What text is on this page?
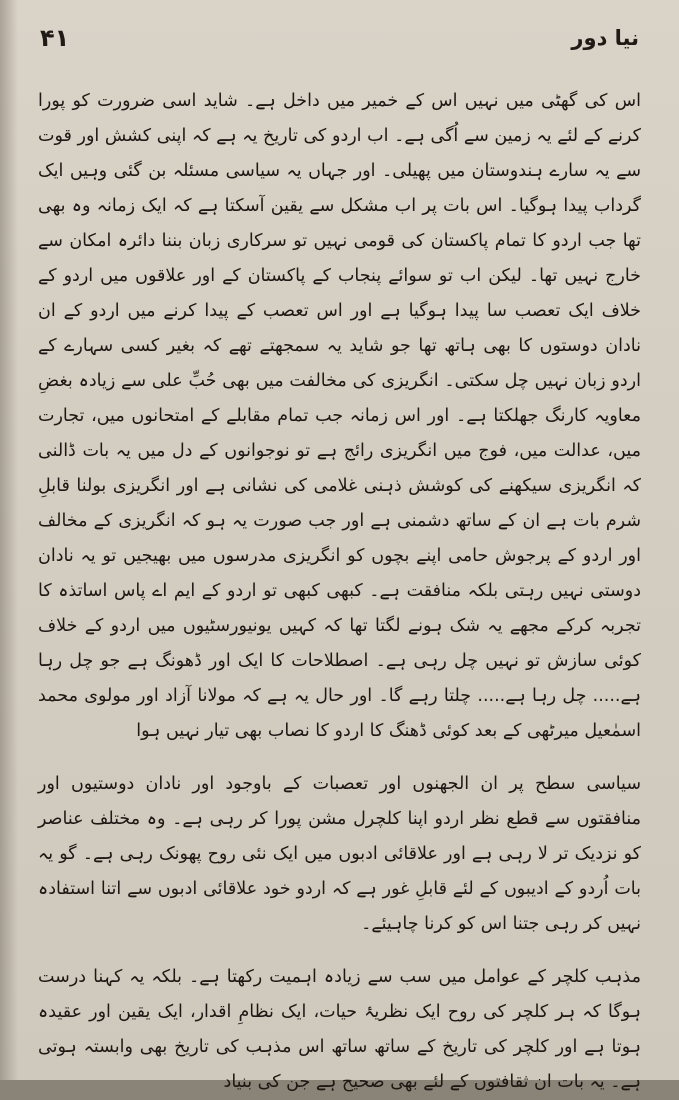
۴۱	نیا دور

اس کی گھٹی میں نہیں اس کے خمیر میں داخل ہے۔ شاید اسی ضرورت کو پورا کرنے کے لئے یہ زمین سے اُگی ہے۔ اب اردو کی تاریخ یہ ہے کہ اپنی کشش اور قوت سے یہ سارے ہندوستان میں پھیلی۔ اور جہاں یہ سیاسی مسئلہ بن گئی وہیں ایک گرداب پیدا ہوگیا۔ اس بات پر اب مشکل سے یقین آسکتا ہے کہ ایک زمانہ وہ بھی تھا جب اردو کا تمام پاکستان کی قومی نہیں تو سرکاری زبان بننا دائرہ امکان سے خارج نہیں تھا۔ لیکن اب تو سوائے پنجاب کے پاکستان کے اور علاقوں میں اردو کے خلاف ایک تعصب سا پیدا ہوگیا ہے اور اس تعصب کے پیدا کرنے میں اردو کے ان نادان دوستوں کا بھی ہاتھ تھا جو شاید یہ سمجھتے تھے کہ بغیر کسی سہارے کے اردو زبان نہیں چل سکتی۔ انگریزی کی مخالفت میں بھی حُبِّ علی سے زیادہ بغضِ معاویہ کارنگ جھلکتا ہے۔ اور اس زمانہ جب تمام مقابلے کے امتحانوں میں، تجارت میں، عدالت میں، فوج میں انگریزی رائج ہے تو نوجوانوں کے دل میں یہ بات ڈالنی کہ انگریزی سیکھنے کی کوشش ذہنی غلامی کی نشانی ہے اور انگریزی بولنا قابلِ شرم بات ہے ان کے ساتھ دشمنی ہے اور جب صورت یہ ہو کہ انگریزی کے مخالف اور اردو کے پرجوش حامی اپنے بچوں کو انگریزی مدرسوں میں بھیجیں تو یہ نادان دوستی نہیں رہتی بلکہ منافقت ہے۔ کبھی کبھی تو اردو کے ایم اے پاس اساتذہ کا تجربہ کرکے مجھے یہ شک ہونے لگتا تھا کہ کہیں یونیورسٹیوں میں اردو کے خلاف کوئی سازش تو نہیں چل رہی ہے۔ اصطلاحات کا ایک اور ڈھونگ ہے جو چل رہا ہے..... چل رہا ہے..... چلتا رہے گا۔ اور حال یہ ہے کہ مولانا آزاد اور مولوی محمد اسمٰعیل میرٹھی کے بعد کوئی ڈھنگ کا اردو کا نصاب بھی تیار نہیں ہوا

سیاسی سطح پر ان الجھنوں اور تعصبات کے باوجود اور نادان دوستیوں اور منافقتوں سے قطع نظر اردو اپنا کلچرل مشن پورا کر رہی ہے۔ وہ مختلف عناصر کو نزدیک تر لا رہی ہے اور علاقائی ادبوں میں ایک نئی روح پھونک رہی ہے۔ گو یہ بات اُردو کے ادیبوں کے لئے قابلِ غور ہے کہ اردو خود علاقائی ادبوں سے اتنا استفادہ نہیں کر رہی جتنا اس کو کرنا چاہیئے۔

مذہب کلچر کے عوامل میں سب سے زیادہ اہمیت رکھتا ہے۔ بلکہ یہ کہنا درست ہوگا کہ ہر کلچر کی روح ایک نظریۂ حیات، ایک نظامِ اقدار، ایک یقین اور عقیدہ ہوتا ہے اور کلچر کی تاریخ کے ساتھ ساتھ اس مذہب کی تاریخ بھی وابستہ ہوتی ہے۔ یہ بات ان ثقافتوں کے لئے بھی صحیح ہے جن کی بنیاد
